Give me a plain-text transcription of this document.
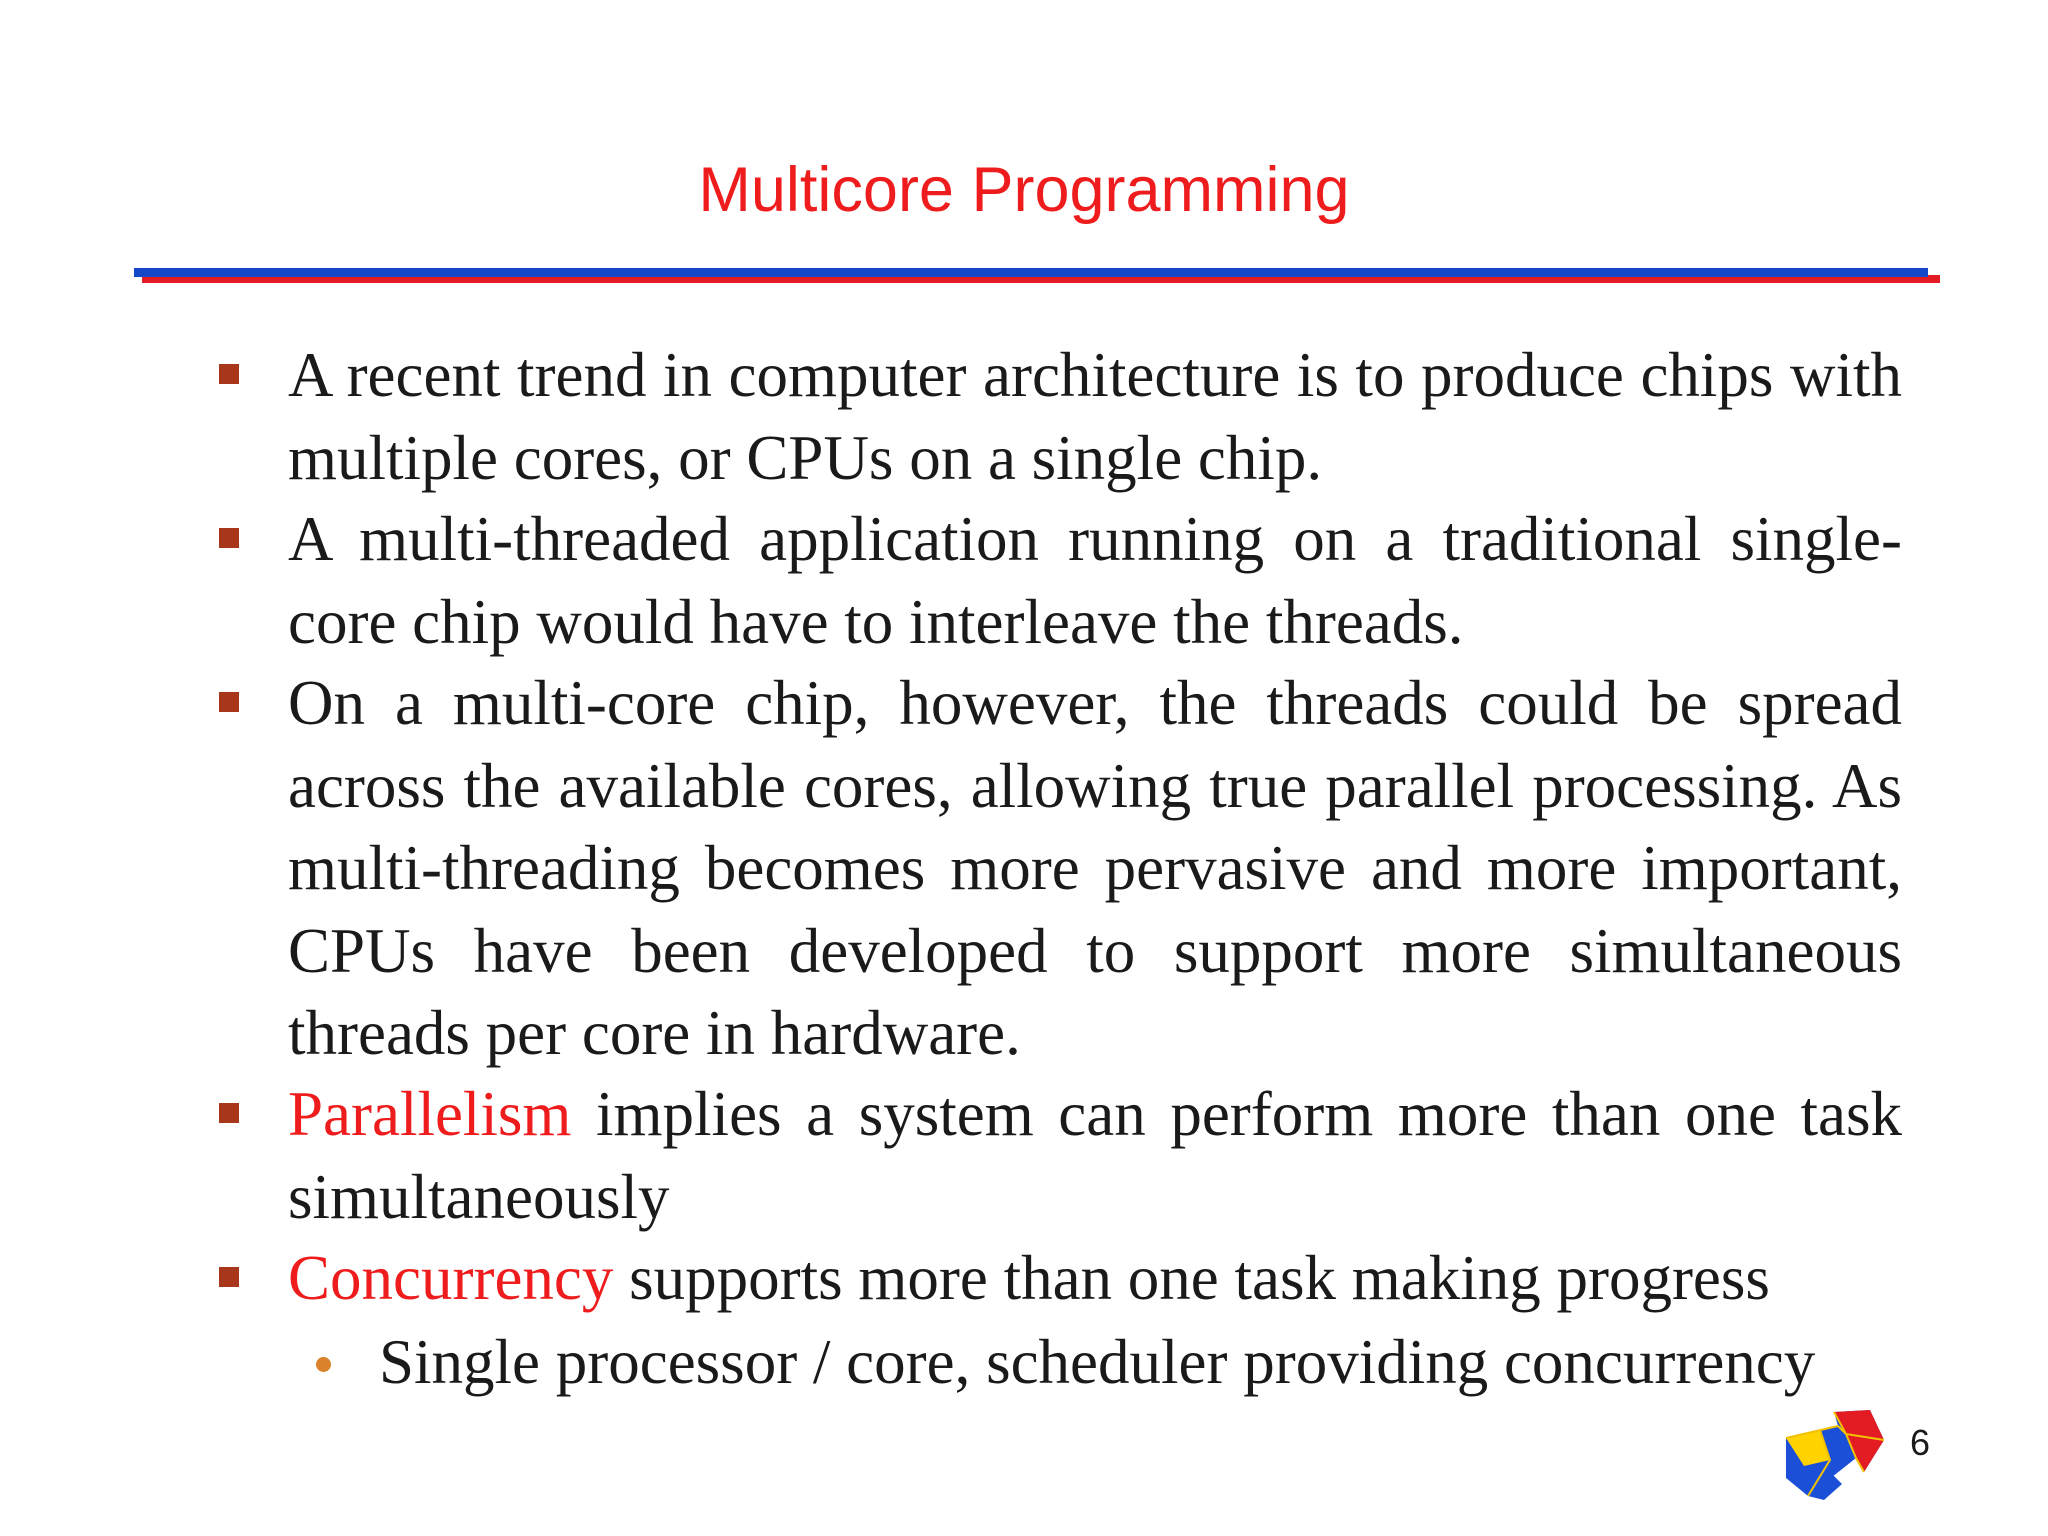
Multicore Programming
A recent trend in computer architecture is to produce chips with multiple cores, or CPUs on a single chip.
A multi-threaded application running on a traditional single-core chip would have to interleave the threads.
On a multi-core chip, however, the threads could be spread across the available cores, allowing true parallel processing. As multi-threading becomes more pervasive and more important, CPUs have been developed to support more simultaneous threads per core in hardware.
Parallelism implies a system can perform more than one task simultaneously
Concurrency supports more than one task making progress
Single processor / core, scheduler providing concurrency
6
